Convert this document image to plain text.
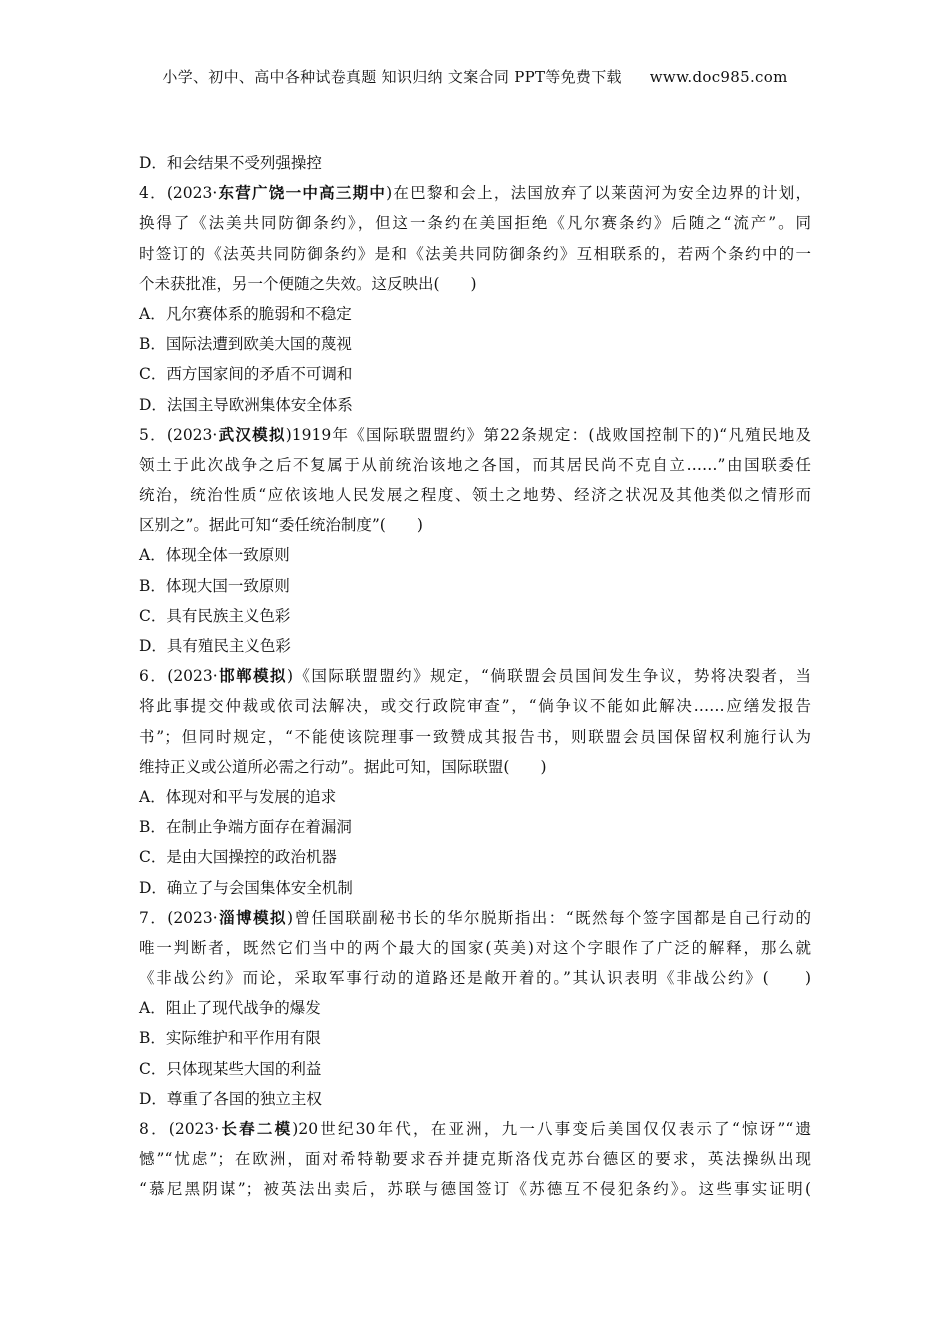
小学、初中、高中各种试卷真题 知识归纳 文案合同 PPT等免费下载 www.doc985.com
D．和会结果不受列强操控
4．(2023·东营广饶一中高三期中)在巴黎和会上，法国放弃了以莱茵河为安全边界的计划，
换得了《法美共同防御条约》，但这一条约在美国拒绝《凡尔赛条约》后随之“流产”。同
时签订的《法英共同防御条约》是和《法美共同防御条约》互相联系的，若两个条约中的一
个未获批准，另一个便随之失效。这反映出(　　)
A．凡尔赛体系的脆弱和不稳定
B．国际法遭到欧美大国的蔑视
C．西方国家间的矛盾不可调和
D．法国主导欧洲集体安全体系
5．(2023·武汉模拟)1919年《国际联盟盟约》第22条规定：(战败国控制下的)“凡殖民地及
领土于此次战争之后不复属于从前统治该地之各国，而其居民尚不克自立……”由国联委任
统治，统治性质“应依该地人民发展之程度、领土之地势、经济之状况及其他类似之情形而
区别之”。据此可知“委任统治制度”(　　)
A．体现全体一致原则
B．体现大国一致原则
C．具有民族主义色彩
D．具有殖民主义色彩
6．(2023·邯郸模拟)《国际联盟盟约》规定，“倘联盟会员国间发生争议，势将决裂者，当
将此事提交仲裁或依司法解决，或交行政院审查”，“倘争议不能如此解决……应缮发报告
书”；但同时规定，“不能使该院理事一致赞成其报告书，则联盟会员国保留权利施行认为
维持正义或公道所必需之行动”。据此可知，国际联盟(　　)
A．体现对和平与发展的追求
B．在制止争端方面存在着漏洞
C．是由大国操控的政治机器
D．确立了与会国集体安全机制
7．(2023·淄博模拟)曾任国联副秘书长的华尔脱斯指出：“既然每个签字国都是自己行动的
唯一判断者，既然它们当中的两个最大的国家(英美)对这个字眼作了广泛的解释，那么就
《非战公约》而论，采取军事行动的道路还是敞开着的。”其认识表明《非战公约》(　　)
A．阻止了现代战争的爆发
B．实际维护和平作用有限
C．只体现某些大国的利益
D．尊重了各国的独立主权
8．(2023·长春二模)20世纪30年代，在亚洲，九一八事变后美国仅仅表示了“惊讶”“遗
憾”“忧虑”；在欧洲，面对希特勒要求吞并捷克斯洛伐克苏台德区的要求，英法操纵出现
“慕尼黑阴谋”；被英法出卖后，苏联与德国签订《苏德互不侵犯条约》。这些事实证明(
